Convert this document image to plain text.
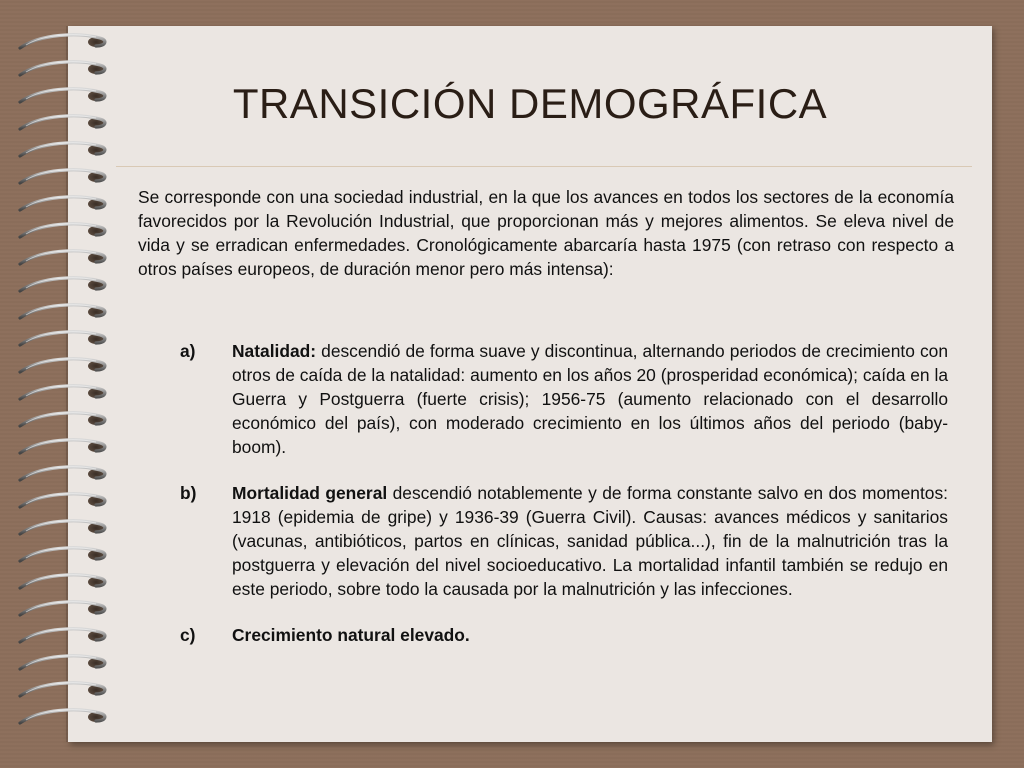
TRANSICIÓN DEMOGRÁFICA

Se corresponde con una sociedad industrial, en la que los avances en todos los sectores de la economía favorecidos por la Revolución Industrial, que proporcionan más y mejores alimentos. Se eleva nivel de vida y se erradican enfermedades. Cronológicamente abarcaría hasta 1975 (con retraso con respecto a otros países europeos, de duración menor pero más intensa):

a)	Natalidad: descendió de forma suave y discontinua, alternando periodos de crecimiento con otros de caída de la natalidad: aumento en los años 20 (prosperidad económica); caída en la Guerra y Postguerra (fuerte crisis); 1956-75 (aumento relacionado con el desarrollo económico del país), con moderado crecimiento en los últimos años del periodo (baby-boom).

b)	Mortalidad general descendió notablemente y de forma constante salvo en dos momentos: 1918 (epidemia de gripe) y 1936-39 (Guerra Civil). Causas: avances médicos y sanitarios (vacunas, antibióticos, partos en clínicas, sanidad pública...), fin de la malnutrición tras la postguerra y elevación del nivel socioeducativo. La mortalidad infantil también se redujo en este periodo, sobre todo la causada por la malnutrición y las infecciones.

c)	Crecimiento natural elevado.
